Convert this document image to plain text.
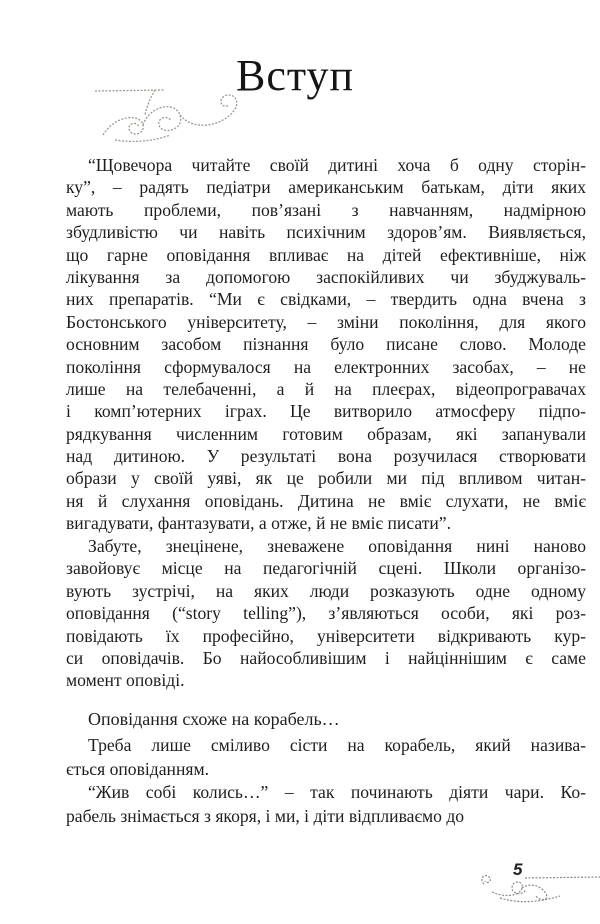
Вступ
“Щовечора читайте своїй дитині хоча б одну сторін-
ку”, – радять педіатри американським батькам, діти яких
мають проблеми, пов’язані з навчанням, надмірною
збудливістю чи навіть психічним здоров’ям. Виявляється,
що гарне оповідання впливає на дітей ефективніше, ніж
лікування за допомогою заспокійливих чи збуджуваль-
них препаратів. “Ми є свідками, – твердить одна вчена з
Бостонського університету, – зміни покоління, для якого
основним засобом пізнання було писане слово. Молоде
покоління сформувалося на електронних засобах, – не
лише на телебаченні, а й на плеєрах, відеопрогравачах
і комп’ютерних іграх. Це витворило атмосферу підпо-
рядкування численним готовим образам, які запанували
над дитиною. У результаті вона розучилася створювати
образи у своїй уяві, як це робили ми під впливом читан-
ня й слухання оповідань. Дитина не вміє слухати, не вміє
вигадувати, фантазувати, а отже, й не вміє писати”.
Забуте, знецінене, зневажене оповідання нині наново
завойовує місце на педагогічній сцені. Школи організо-
вують зустрічі, на яких люди розказують одне одному
оповідання (“story telling”), з’являються особи, які роз-
повідають їх професійно, університети відкривають кур-
си оповідачів. Бо найособливішим і найціннішим є саме
момент оповіді.
Оповідання схоже на корабель…
Треба лише сміливо сісти на корабель, який назива-
ється оповіданням.
“Жив собі колись…” – так починають діяти чари. Ко-
рабель знімається з якоря, і ми, і діти відпливаємо до
5
